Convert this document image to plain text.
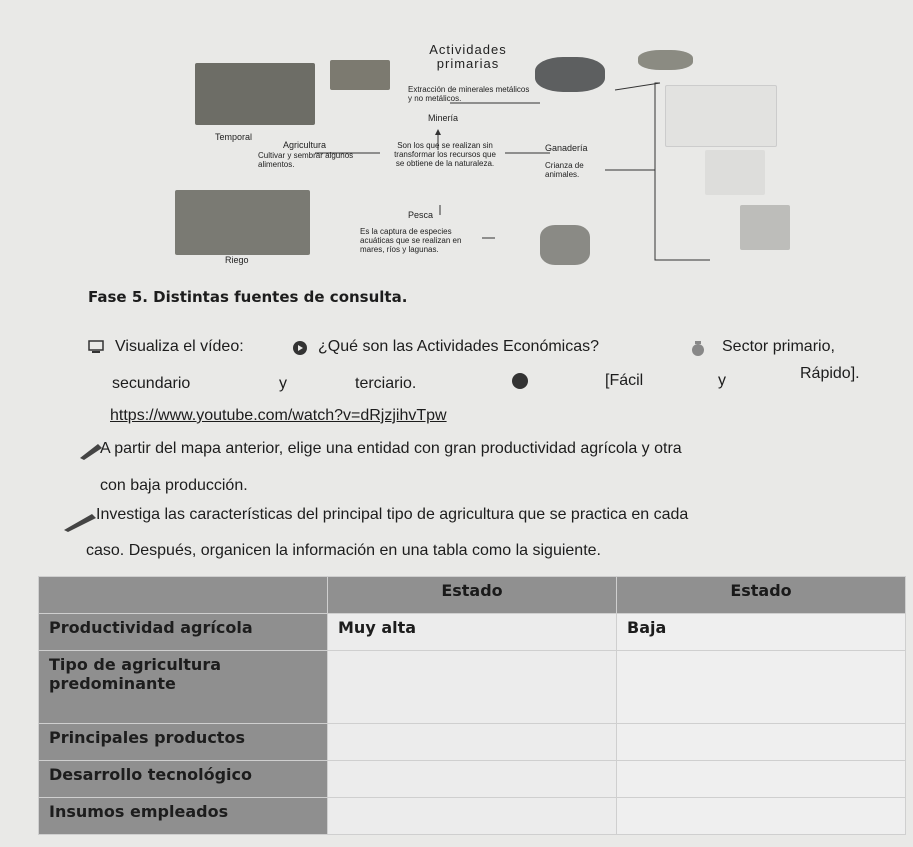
Actividades primarias
Extracción de minerales metálicos y no metálicos.
Minería
Son los que se realizan sin transformar los recursos que se obtiene de la naturaleza.
Temporal
Agricultura
Cultivar y sembrar algunos alimentos.
Ganadería
Crianza de animales.
Pesca
Es la captura de especies acuáticas que se realizan en mares, ríos y lagunas.
Riego
Fase 5. Distintas fuentes de consulta.
Visualiza el vídeo:	¿Qué son las Actividades Económicas?	Sector primario,
secundario	y	terciario.	[Fácil	y	Rápido].
https://www.youtube.com/watch?v=dRjzjihvTpw
A partir del mapa anterior, elige una entidad con gran productividad agrícola y otra
con baja producción.
Investiga las características del principal tipo de agricultura que se practica en cada
caso. Después, organicen la información en una tabla como la siguiente.
	Estado	Estado
Productividad agrícola	Muy alta	Baja
Tipo de agricultura predominante		
Principales productos		
Desarrollo tecnológico		
Insumos empleados		
